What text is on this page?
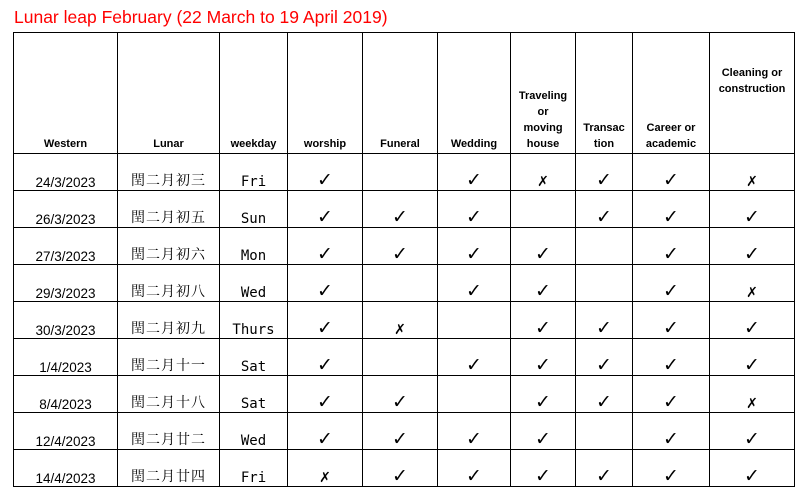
Lunar leap February (22 March to 19 April 2019)
Western	Lunar	weekday	worship	Funeral	Wedding	Traveling
or
moving
house	Transac
tion	Career or
academic	Cleaning or
construction
24/3/2023	閏二月初三	Fri	✓		✓	✗	✓	✓	✗
26/3/2023	閏二月初五	Sun	✓	✓	✓		✓	✓	✓
27/3/2023	閏二月初六	Mon	✓	✓	✓	✓		✓	✓
29/3/2023	閏二月初八	Wed	✓		✓	✓		✓	✗
30/3/2023	閏二月初九	Thurs	✓	✗		✓	✓	✓	✓
1/4/2023	閏二月十一	Sat	✓		✓	✓	✓	✓	✓
8/4/2023	閏二月十八	Sat	✓	✓		✓	✓	✓	✗
12/4/2023	閏二月廿二	Wed	✓	✓	✓	✓		✓	✓
14/4/2023	閏二月廿四	Fri	✗	✓	✓	✓	✓	✓	✓
